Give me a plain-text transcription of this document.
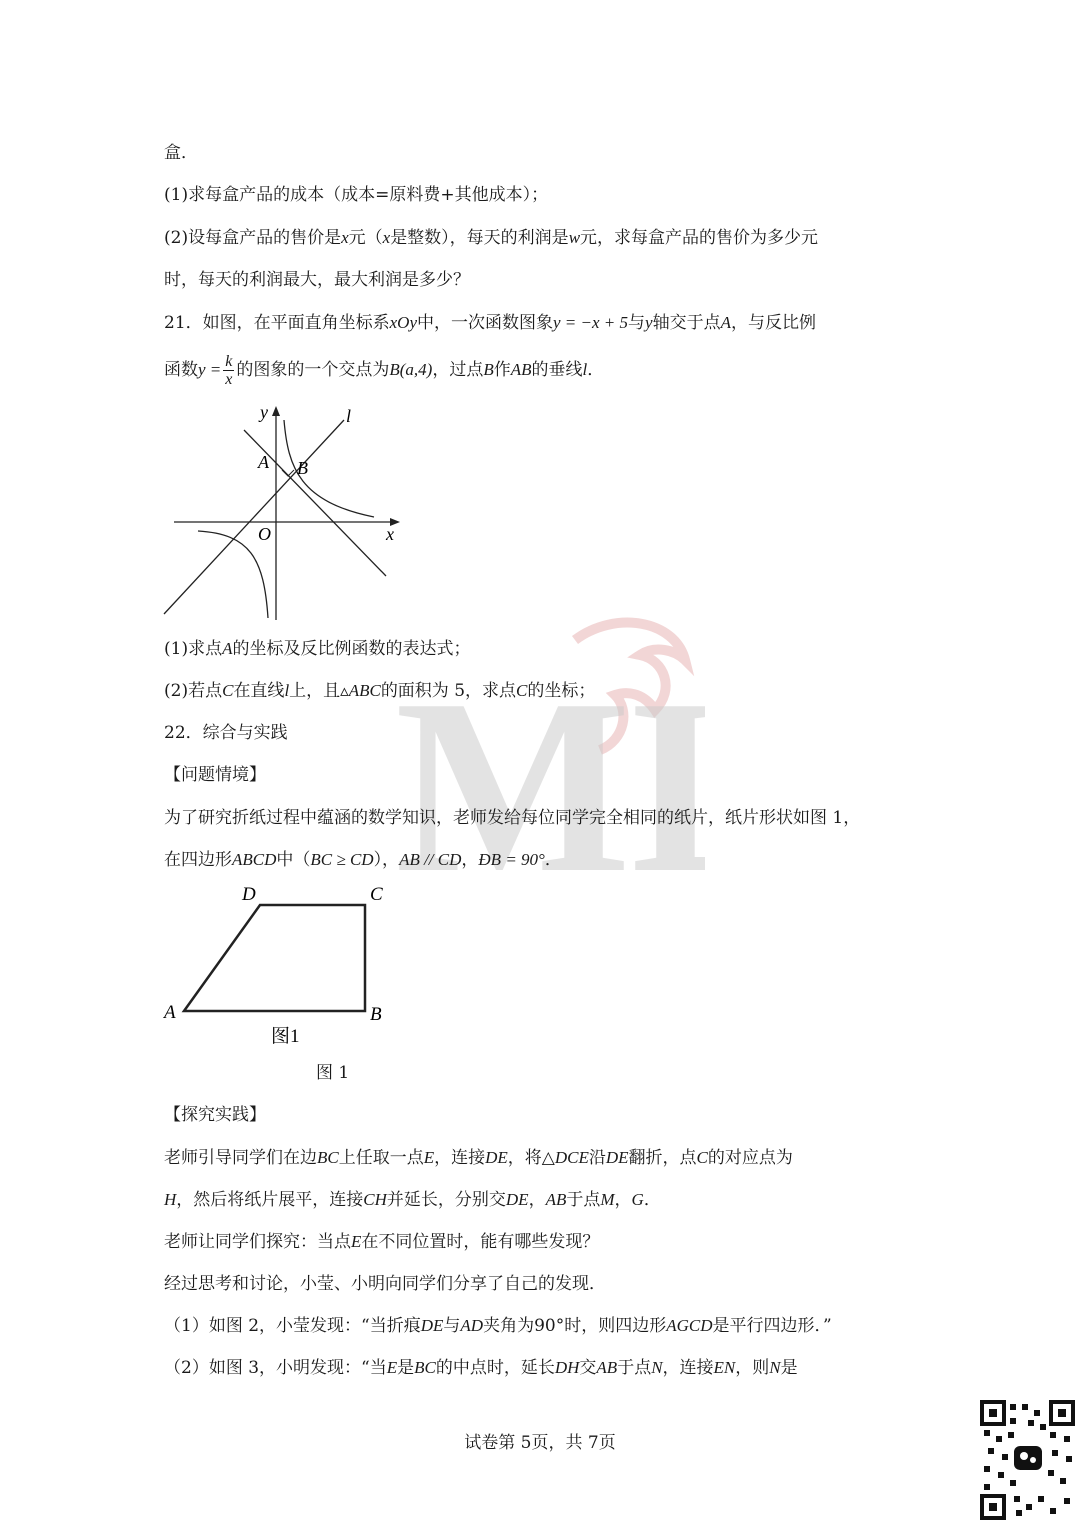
M
盒．
(1)求每盒产品的成本（成本=原料费+其他成本）；
(2)设每盒产品的售价是x元（x是整数），每天的利润是w元，求每盒产品的售价为多少元
时，每天的利润最大，最大利润是多少？
21．如图，在平面直角坐标系xOy中，一次函数图象y = −x + 5与y轴交于点A，与反比例
函数$y = \frac{k}{x}$ 的图象的一个交点为B(a,4)，过点B作AB的垂线l．
y	l
A B
O	x
(1)求点A的坐标及反比例函数的表达式；
(2)若点C在直线l上，且▵ABC的面积为 5，求点C的坐标；
22．综合与实践
【问题情境】
为了研究折纸过程中蕴涵的数学知识，老师发给每位同学完全相同的纸片，纸片形状如图 1，
在四边形ABCD中（BC ≥ CD），AB // CD，ÐB = 90°．
D	C
A	B
图1
图 1
【探究实践】
老师引导同学们在边BC上任取一点E，连接DE，将△DCE沿DE翻折，点C的对应点为
H，然后将纸片展平，连接CH并延长，分别交DE，AB于点M，G．
老师让同学们探究：当点E在不同位置时，能有哪些发现？
经过思考和讨论，小莹、小明向同学们分享了自己的发现．
（1）如图 2，小莹发现：“当折痕DE与AD夹角为90°时，则四边形AGCD是平行四边形．”
（2）如图 3，小明发现：“当E是BC的中点时，延长DH交AB于点N，连接EN，则N是
试卷第 5页，共 7页
